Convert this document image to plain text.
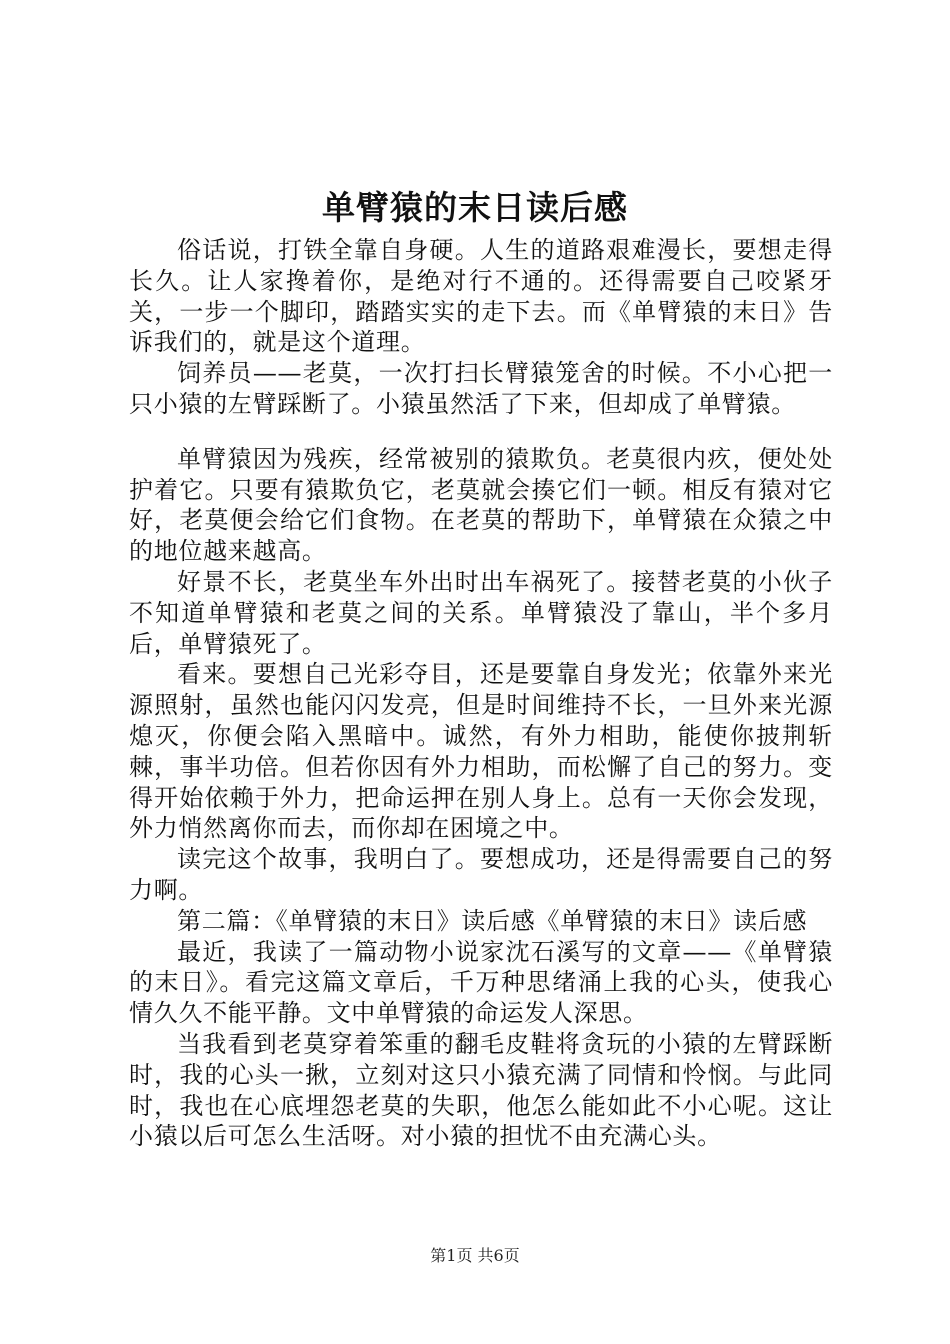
单臂猿的末日读后感

俗话说，打铁全靠自身硬。人生的道路艰难漫长，要想走得长久。让人家搀着你，是绝对行不通的。还得需要自己咬紧牙关，一步一个脚印，踏踏实实的走下去。而《单臂猿的末日》告诉我们的，就是这个道理。

饲养员——老莫，一次打扫长臂猿笼舍的时候。不小心把一只小猿的左臂踩断了。小猿虽然活了下来，但却成了单臂猿。

单臂猿因为残疾，经常被别的猿欺负。老莫很内疚，便处处护着它。只要有猿欺负它，老莫就会揍它们一顿。相反有猿对它好，老莫便会给它们食物。在老莫的帮助下，单臂猿在众猿之中的地位越来越高。

好景不长，老莫坐车外出时出车祸死了。接替老莫的小伙子不知道单臂猿和老莫之间的关系。单臂猿没了靠山，半个多月后，单臂猿死了。

看来。要想自己光彩夺目，还是要靠自身发光；依靠外来光源照射，虽然也能闪闪发亮，但是时间维持不长，一旦外来光源熄灭，你便会陷入黑暗中。诚然，有外力相助，能使你披荆斩棘，事半功倍。但若你因有外力相助，而松懈了自己的努力。变得开始依赖于外力，把命运押在别人身上。总有一天你会发现，外力悄然离你而去，而你却在困境之中。

读完这个故事，我明白了。要想成功，还是得需要自己的努力啊。

第二篇：《单臂猿的末日》读后感《单臂猿的末日》读后感

最近，我读了一篇动物小说家沈石溪写的文章——《单臂猿的末日》。看完这篇文章后，千万种思绪涌上我的心头，使我心情久久不能平静。文中单臂猿的命运发人深思。

当我看到老莫穿着笨重的翻毛皮鞋将贪玩的小猿的左臂踩断时，我的心头一揪，立刻对这只小猿充满了同情和怜悯。与此同时，我也在心底埋怨老莫的失职，他怎么能如此不小心呢。这让小猿以后可怎么生活呀。对小猿的担忧不由充满心头。

第1页 共6页
